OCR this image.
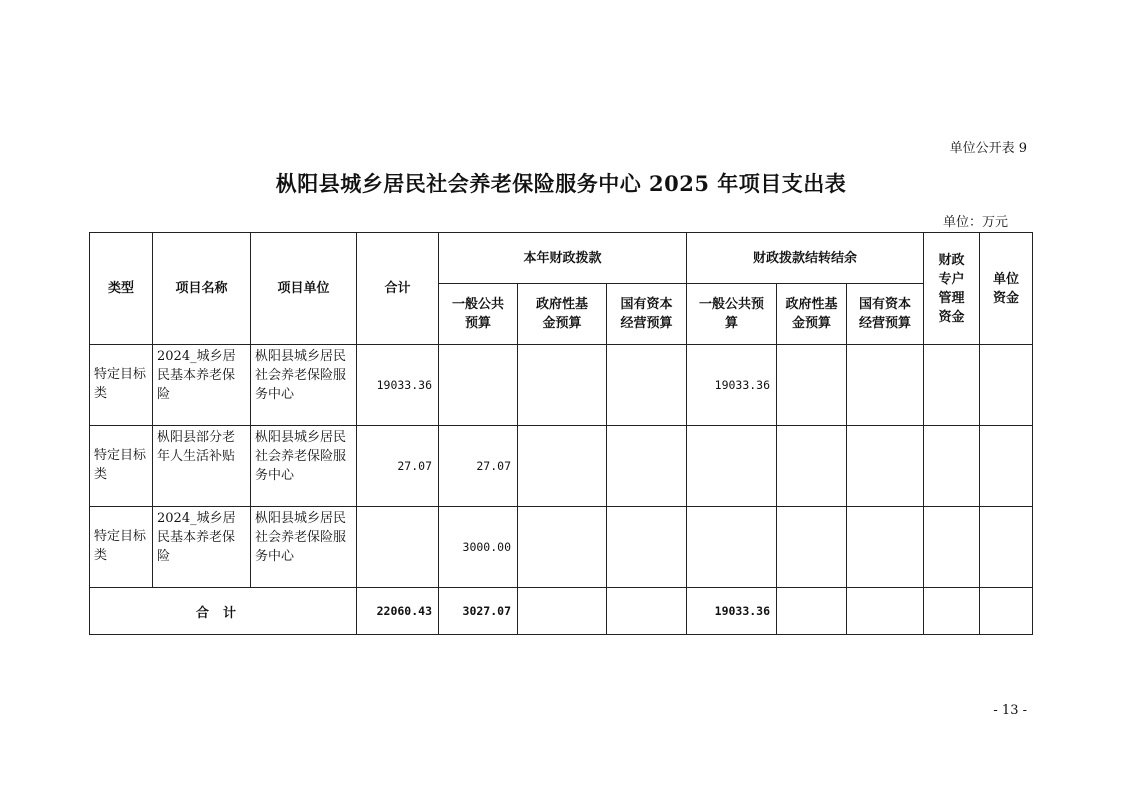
单位公开表 9
枞阳县城乡居民社会养老保险服务中心 2025 年项目支出表
单位：万元
类型	项目名称	项目单位	合计	本年财政拨款			财政拨款结转结余			财政专户管理资金	单位资金
				一般公共预算	政府性基金预算	国有资本经营预算	一般公共预算	政府性基金预算	国有资本经营预算		
特定目标类	2024_城乡居民基本养老保险	枞阳县城乡居民社会养老保险服务中心	19033.36				19033.36				
特定目标类	枞阳县部分老年人生活补贴	枞阳县城乡居民社会养老保险服务中心	27.07	27.07							
特定目标类	2024_城乡居民基本养老保险	枞阳县城乡居民社会养老保险服务中心		3000.00							
合计			22060.43	3027.07			19033.36				
- 13 -
